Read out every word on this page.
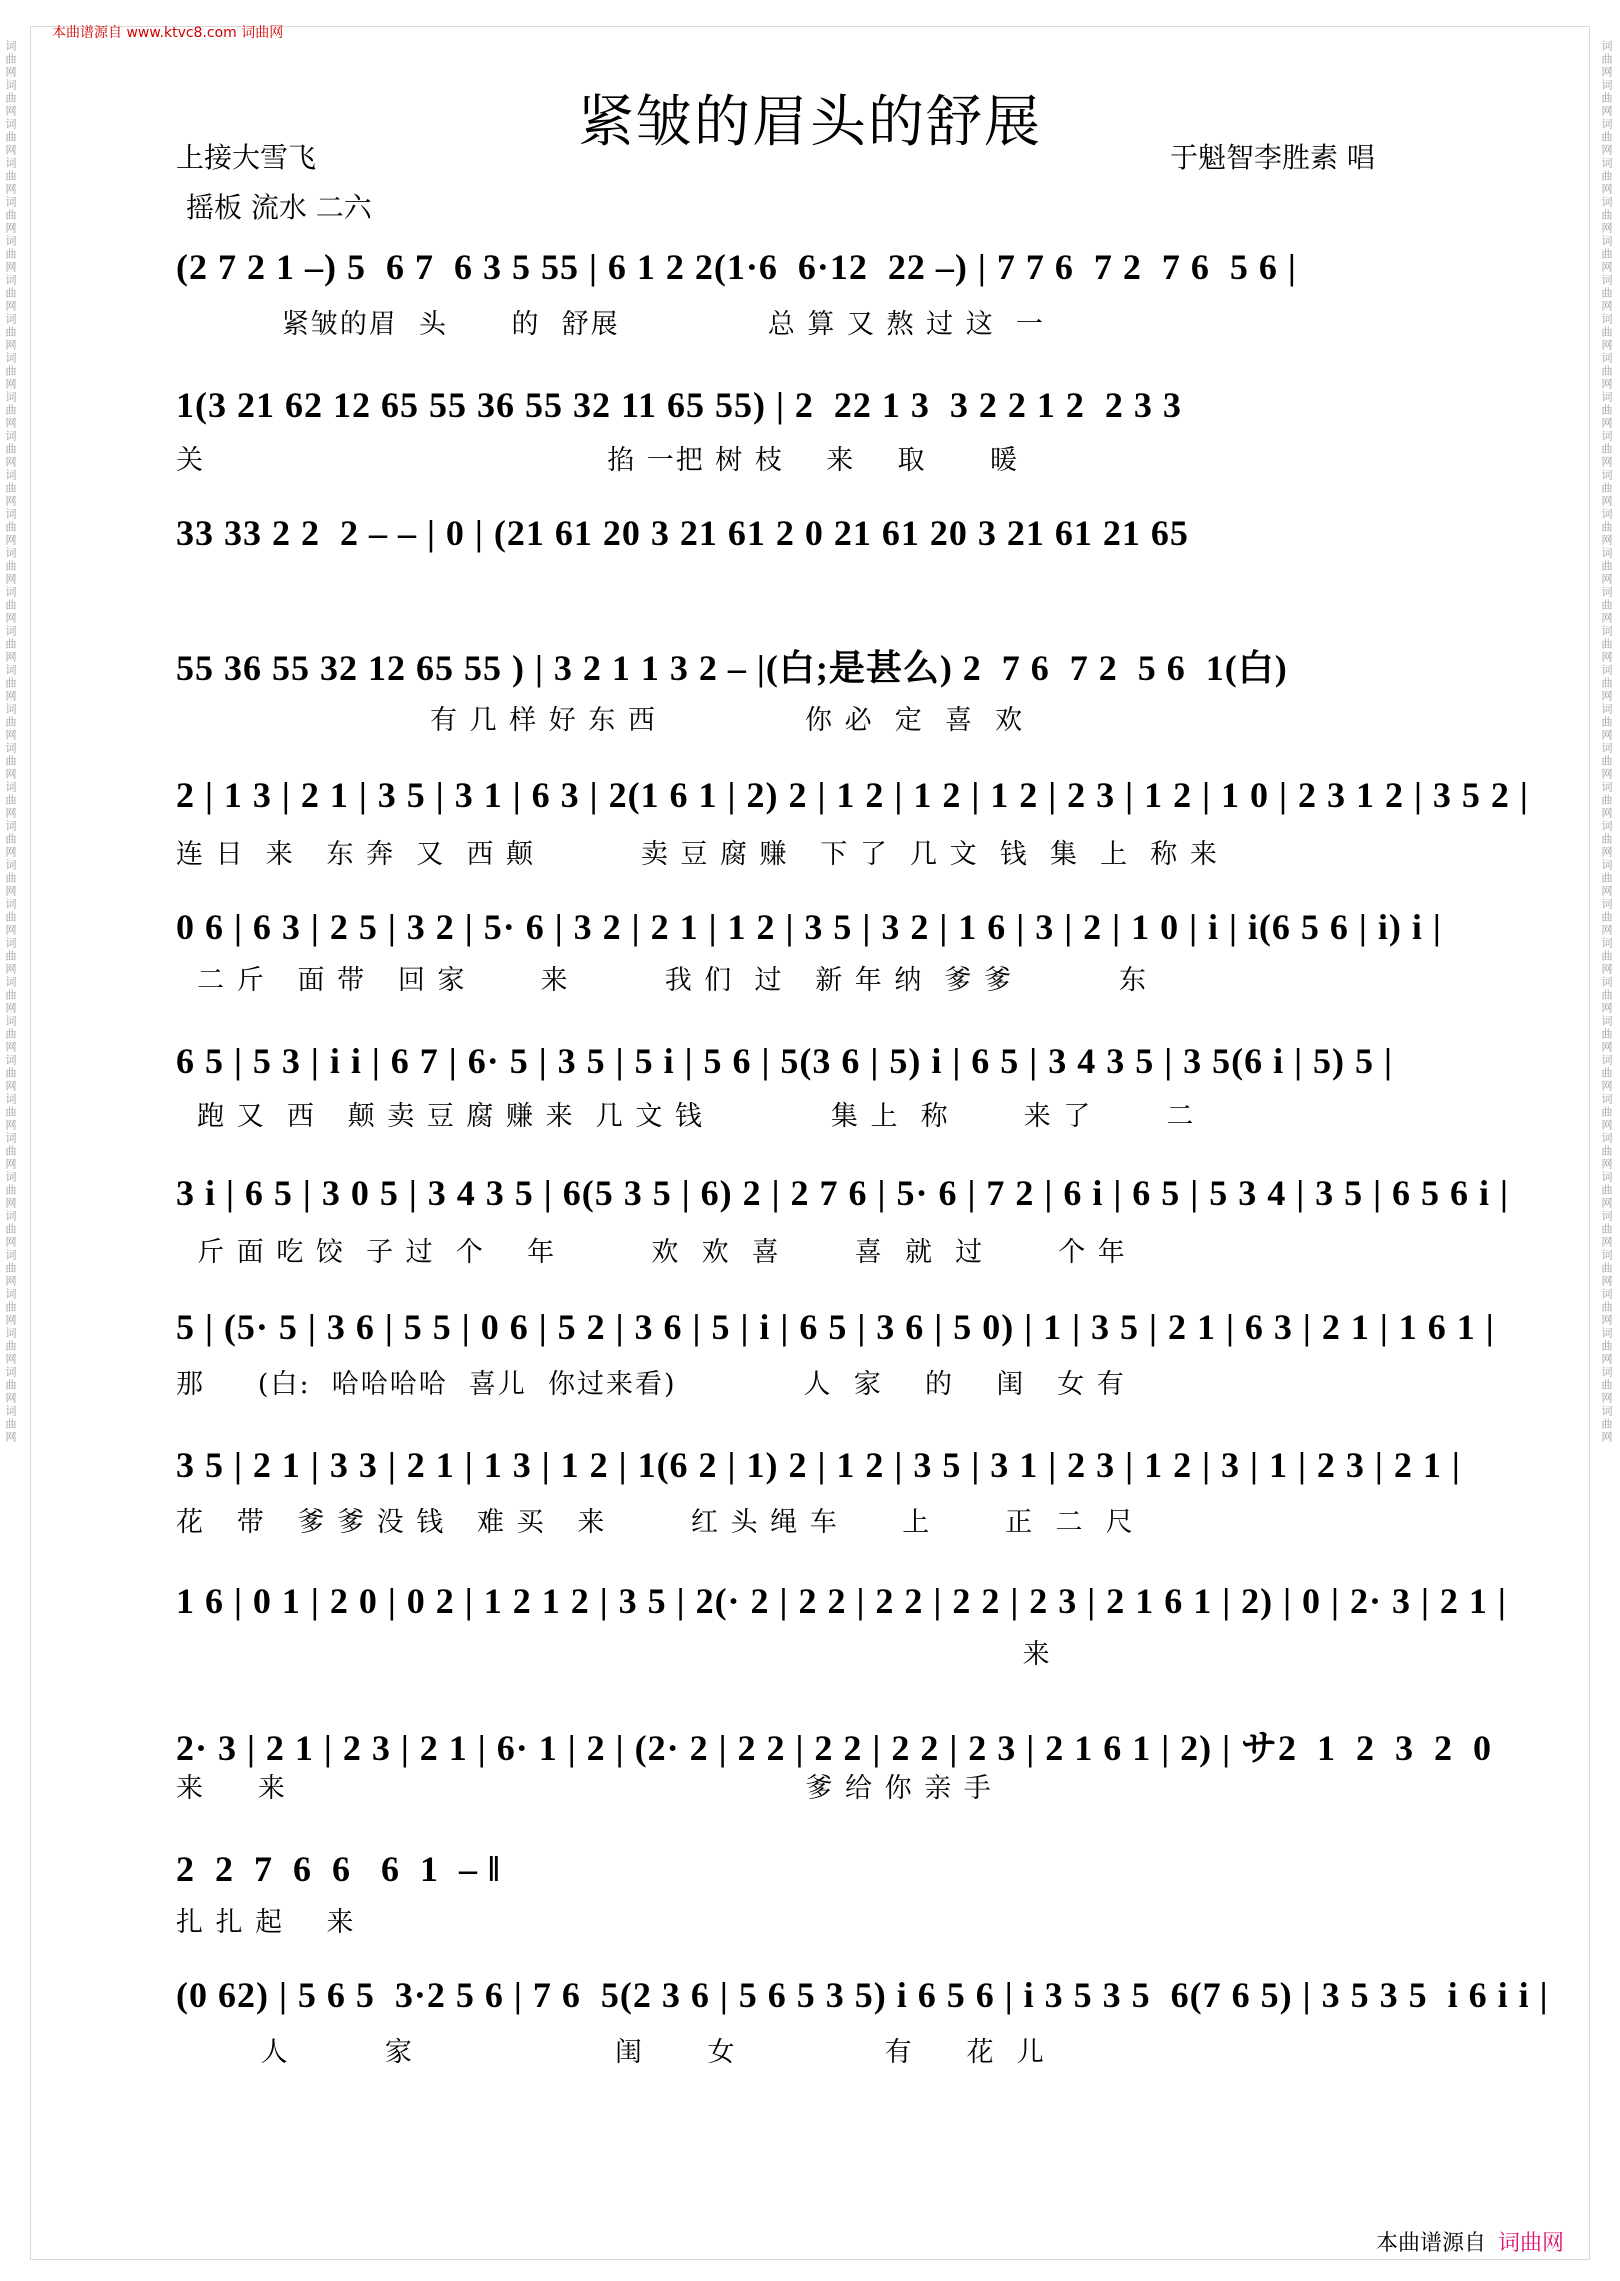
词曲网词曲网词曲网词曲网词曲网词曲网词曲网词曲网词曲网词曲网词曲网词曲网词曲网词曲网词曲网词曲网词曲网词曲网词曲网词曲网词曲网词曲网词曲网词曲网词曲网词曲网词曲网词曲网词曲网词曲网词曲网词曲网词曲网词曲网词曲网词曲网	词曲网词曲网词曲网词曲网词曲网词曲网词曲网词曲网词曲网词曲网词曲网词曲网词曲网词曲网词曲网词曲网词曲网词曲网词曲网词曲网词曲网词曲网词曲网词曲网词曲网词曲网词曲网词曲网词曲网词曲网词曲网词曲网词曲网词曲网词曲网词曲网
本曲谱源自 www.ktvc8.com 词曲网
紧皱的眉头的舒展
上接大雪飞	于魁智李胜素 唱
摇板 流水 二六
(2 7 2 1 –) 5  6 7  6 3 5 55 | 6 1 2 2(1·6  6·12  22 –) | 7 7 6  7 2  7 6  5 6 |
紧皱的眉  头      的  舒展              总 算 又 熬 过 这  一
1(3 21 62 12 65 55 36 55 32 11 65 55) | 2  22 1 3  3 2 2 1 2  2 3 3
关                                      掐 一把 树 枝    来    取      暖
33 33 2 2  2 – – | 0 | (21 61 20 3 21 61 2 0 21 61 20 3 21 61 21 65
55 36 55 32 12 65 55 ) | 3 2 1 1 3 2 – |(白;是甚么) 2  7 6  7 2  5 6  1(白)
有 几 样 好 东 西              你 必  定  喜  欢
2 | 1 3 | 2 1 | 3 5 | 3 1 | 6 3 | 2(1 6 1 | 2) 2 | 1 2 | 1 2 | 1 2 | 2 3 | 1 2 | 1 0 | 2 3 1 2 | 3 5 2 |
连 日  来   东 奔  又  西 颠          卖 豆 腐 赚   下 了  几 文  钱  集  上  称 来
0 6 | 6 3 | 2 5 | 3 2 | 5· 6 | 3 2 | 2 1 | 1 2 | 3 5 | 3 2 | 1 6 | 3 | 2 | 1 0 | i | i(6 5 6 | i) i |
二 斤   面 带   回 家       来         我 们  过   新 年 纳  爹 爹          东
6 5 | 5 3 | i i | 6 7 | 6· 5 | 3 5 | 5 i | 5 6 | 5(3 6 | 5) i | 6 5 | 3 4 3 5 | 3 5(6 i | 5) 5 |
跑 又  西   颠 卖 豆 腐 赚 来  几 文 钱            集 上  称       来 了       二
3 i | 6 5 | 3 0 5 | 3 4 3 5 | 6(5 3 5 | 6) 2 | 2 7 6 | 5· 6 | 7 2 | 6 i | 6 5 | 5 3 4 | 3 5 | 6 5 6 i |
斤 面 吃 饺  子 过  个    年         欢  欢  喜       喜  就  过       个 年
5 | (5· 5 | 3 6 | 5 5 | 0 6 | 5 2 | 3 6 | 5 | i | 6 5 | 3 6 | 5 0) | 1 | 3 5 | 2 1 | 6 3 | 2 1 | 1 6 1 |
那     (白:  哈哈哈哈  喜儿  你过来看)            人  家    的    闺   女 有
3 5 | 2 1 | 3 3 | 2 1 | 1 3 | 1 2 | 1(6 2 | 1) 2 | 1 2 | 3 5 | 3 1 | 2 3 | 1 2 | 3 | 1 | 2 3 | 2 1 |
花   带   爹 爹 没 钱   难 买   来        红 头 绳 车      上       正  二  尺
1 6 | 0 1 | 2 0 | 0 2 | 1 2 1 2 | 3 5 | 2(· 2 | 2 2 | 2 2 | 2 2 | 2 3 | 2 1 6 1 | 2) | 0 | 2· 3 | 2 1 |
来
2· 3 | 2 1 | 2 3 | 2 1 | 6· 1 | 2 | (2· 2 | 2 2 | 2 2 | 2 2 | 2 3 | 2 1 6 1 | 2) | サ2  1  2  3  2  0
来     来                                                 爹 给 你 亲 手
2  2  7  6  6   6  1  – ‖
扎 扎 起    来
(0 62) | 5 6 5  3·2 5 6 | 7 6  5(2 3 6 | 5 6 5 3 5) i 6 5 6 | i 3 5 3 5  6(7 6 5) | 3 5 3 5  i 6 i i |
人         家                   闺      女              有     花  儿
本曲谱源自 词曲网
